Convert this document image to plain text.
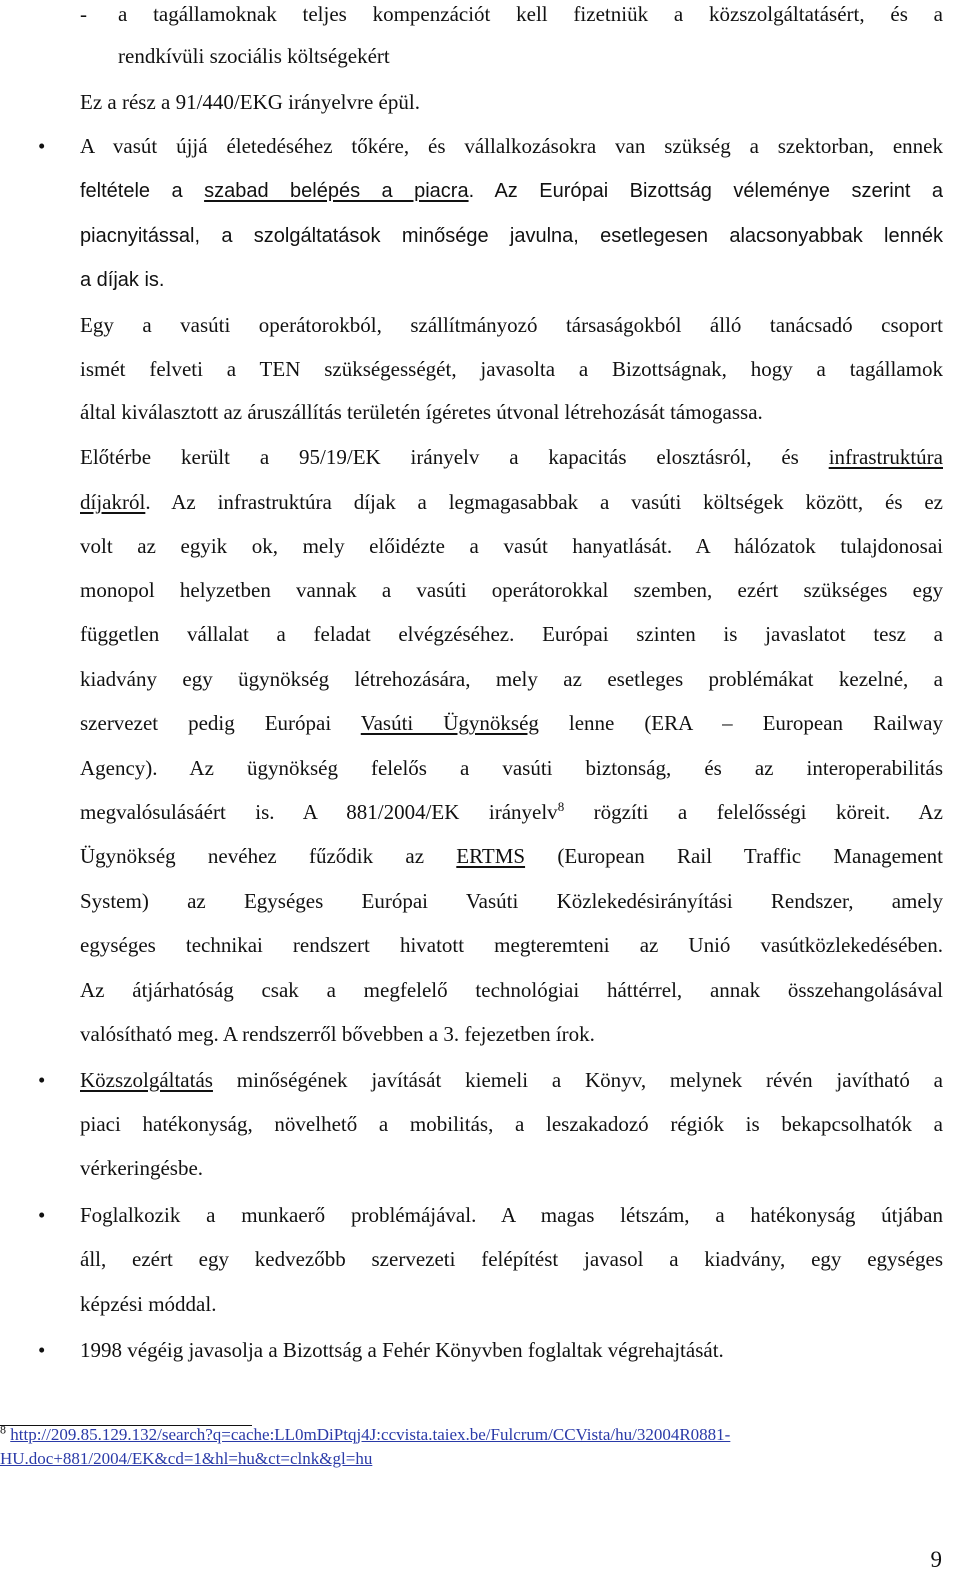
- a tagállamoknak teljes kompenzációt kell fizetniük a közszolgáltatásért, és a
rendkívüli szociális költségekért
Ez a rész a 91/440/EKG irányelvre épül.
• A vasút újjá életedéséhez tőkére, és vállalkozásokra van szükség a szektorban, ennek
feltétele a szabad belépés a piacra. Az Európai Bizottság véleménye szerint a
piacnyitással, a szolgáltatások minősége javulna, esetlegesen alacsonyabbak lennék
a díjak is.
Egy a vasúti operátorokból, szállítmányozó társaságokból álló tanácsadó csoport
ismét felveti a TEN szükségességét, javasolta a Bizottságnak, hogy a tagállamok
által kiválasztott az áruszállítás területén ígéretes útvonal létrehozását támogassa.
Előtérbe került a 95/19/EK irányelv a kapacitás elosztásról, és infrastruktúra
díjakról. Az infrastruktúra díjak a legmagasabbak a vasúti költségek között, és ez
volt az egyik ok, mely előidézte a vasút hanyatlását. A hálózatok tulajdonosai
monopol helyzetben vannak a vasúti operátorokkal szemben, ezért szükséges egy
független vállalat a feladat elvégzéséhez. Európai szinten is javaslatot tesz a
kiadvány egy ügynökség létrehozására, mely az esetleges problémákat kezelné, a
szervezet pedig Európai Vasúti Ügynökség lenne (ERA – European Railway
Agency). Az ügynökség felelős a vasúti biztonság, és az interoperabilitás
megvalósulásáért is. A 881/2004/EK irányelv$^8$ rögzíti a felelősségi köreit. Az
Ügynökség nevéhez fűződik az ERTMS (European Rail Traffic Management
System) az Egységes Európai Vasúti Közlekedésirányítási Rendszer, amely
egységes technikai rendszert hivatott megteremteni az Unió vasútközlekedésében.
Az átjárhatóság csak a megfelelő technológiai háttérrel, annak összehangolásával
valósítható meg. A rendszerről bővebben a 3. fejezetben írok.
• Közszolgáltatás minőségének javítását kiemeli a Könyv, melynek révén javítható a
piaci hatékonyság, növelhető a mobilitás, a leszakadozó régiók is bekapcsolhatók a
vérkeringésbe.
• Foglalkozik a munkaerő problémájával. A magas létszám, a hatékonyság útjában
áll, ezért egy kedvezőbb szervezeti felépítést javasol a kiadvány, egy egységes
képzési móddal.
• 1998 végéig javasolja a Bizottság a Fehér Könyvben foglaltak végrehajtását.
$^8$ http://209.85.129.132/search?q=cache:LL0mDiPtqj4J:ccvista.taiex.be/Fulcrum/CCVista/hu/32004R0881-
HU.doc+881/2004/EK&cd=1&hl=hu&ct=clnk&gl=hu
9
